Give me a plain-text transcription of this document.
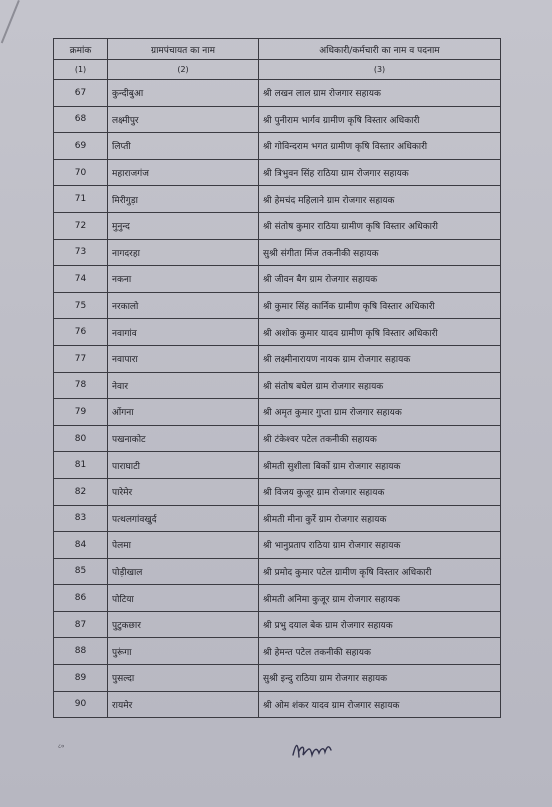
क्रमांक	ग्रामपंचायत का नाम	अधिकारी/कर्मचारी का नाम व पदनाम
(1)	(2)	(3)
67	कुन्दीबुआ	श्री लखन लाल ग्राम रोजगार सहायक
68	लक्ष्मीपुर	श्री पुनीराम भार्गव ग्रामीण कृषि विस्तार अधिकारी
69	लिप्ती	श्री गोविन्दराम भगत ग्रामीण कृषि विस्तार अधिकारी
70	महाराजगंज	श्री त्रिभुवन सिंह राठिया ग्राम रोजगार सहायक
71	मिरीगुड़ा	श्री हेमचंद महिलाने ग्राम रोजगार सहायक
72	मुनुन्द	श्री संतोष कुमार राठिया ग्रामीण कृषि विस्तार अधिकारी
73	नागदरहा	सुश्री संगीता मिंज तकनीकी सहायक
74	नकना	श्री जीवन बैग ग्राम रोजगार सहायक
75	नरकालो	श्री कुमार सिंह कार्निक ग्रामीण कृषि विस्तार अधिकारी
76	नवागांव	श्री अशोक कुमार यादव ग्रामीण कृषि विस्तार अधिकारी
77	नवापारा	श्री लक्ष्मीनारायण नायक ग्राम रोजगार सहायक
78	नेवार	श्री संतोष बघेल ग्राम रोजगार सहायक
79	ओंगना	श्री अमृत कुमार गुप्ता ग्राम रोजगार सहायक
80	पखनाकोट	श्री टंकेश्वर पटेल तकनीकी सहायक
81	पाराघाटी	श्रीमती सुशीला बिर्को ग्राम रोजगार सहायक
82	पारेमेर	श्री विजय कुजूर ग्राम रोजगार सहायक
83	पत्थलगांवखुर्द	श्रीमती मीना कुर्रे ग्राम रोजगार सहायक
84	पेलमा	श्री भानुप्रताप राठिया ग्राम रोजगार सहायक
85	पोड़ीखाल	श्री प्रमोद कुमार पटेल ग्रामीण कृषि विस्तार अधिकारी
86	पोटिया	श्रीमती अनिमा कुजूर ग्राम रोजगार सहायक
87	पुटुकछार	श्री प्रभु दयाल बेक ग्राम रोजगार सहायक
88	पुरूंगा	श्री हेमन्त पटेल तकनीकी सहायक
89	पुसल्दा	सुश्री इन्दु राठिया ग्राम रोजगार सहायक
90	रायमेर	श्री ओम शंकर यादव ग्राम रोजगार सहायक
८०
